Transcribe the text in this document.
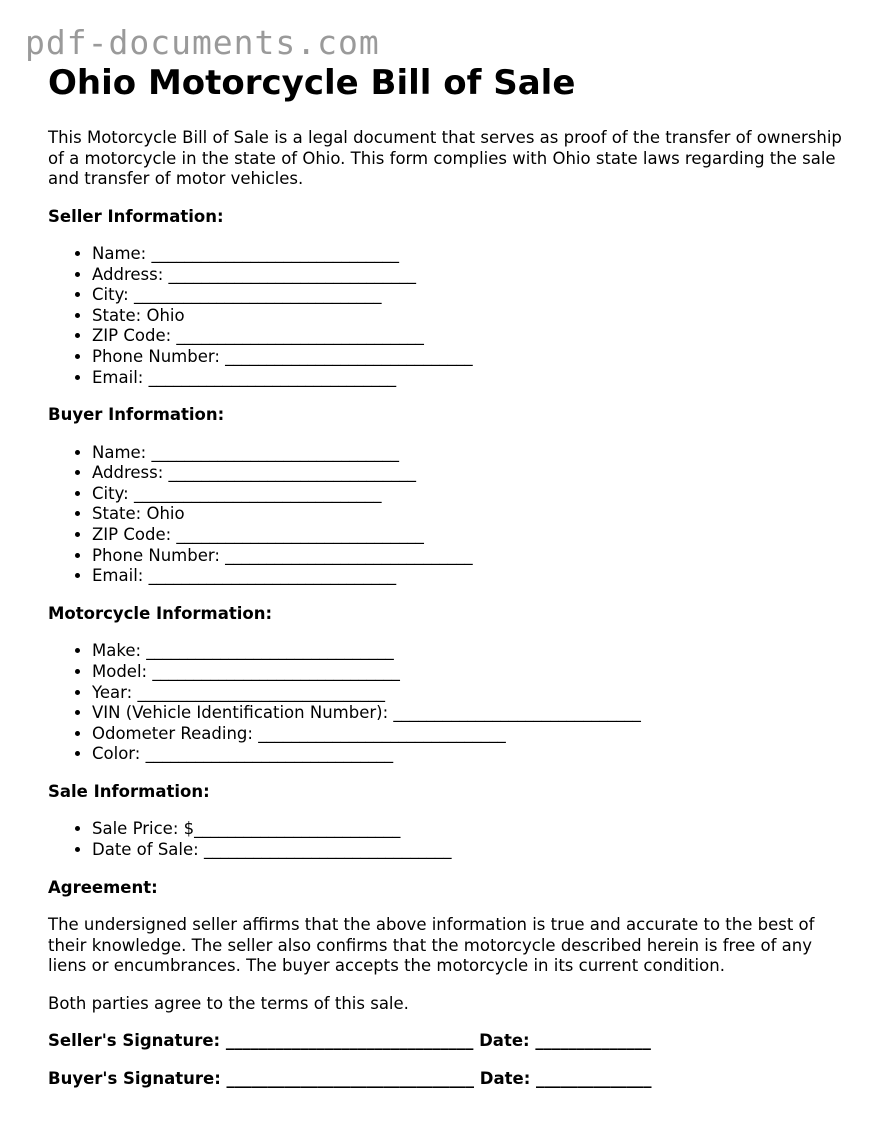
pdf-documents.com
Ohio Motorcycle Bill of Sale

This Motorcycle Bill of Sale is a legal document that serves as proof of the transfer of ownership of a motorcycle in the state of Ohio. This form complies with Ohio state laws regarding the sale and transfer of motor vehicles.

Seller Information:
• Name: ______________________________
• Address: ______________________________
• City: ______________________________
• State: Ohio
• ZIP Code: ______________________________
• Phone Number: ______________________________
• Email: ______________________________
Buyer Information:
• Name: ______________________________
• Address: ______________________________
• City: ______________________________
• State: Ohio
• ZIP Code: ______________________________
• Phone Number: ______________________________
• Email: ______________________________
Motorcycle Information:
• Make: ______________________________
• Model: ______________________________
• Year: ______________________________
• VIN (Vehicle Identification Number): ______________________________
• Odometer Reading: ______________________________
• Color: ______________________________
Sale Information:
• Sale Price: $_________________________
• Date of Sale: ______________________________
Agreement:

The undersigned seller affirms that the above information is true and accurate to the best of their knowledge. The seller also confirms that the motorcycle described herein is free of any liens or encumbrances. The buyer accepts the motorcycle in its current condition.

Both parties agree to the terms of this sale.

Seller's Signature: ______________________________ Date: ______________
Buyer's Signature: ______________________________ Date: ______________
